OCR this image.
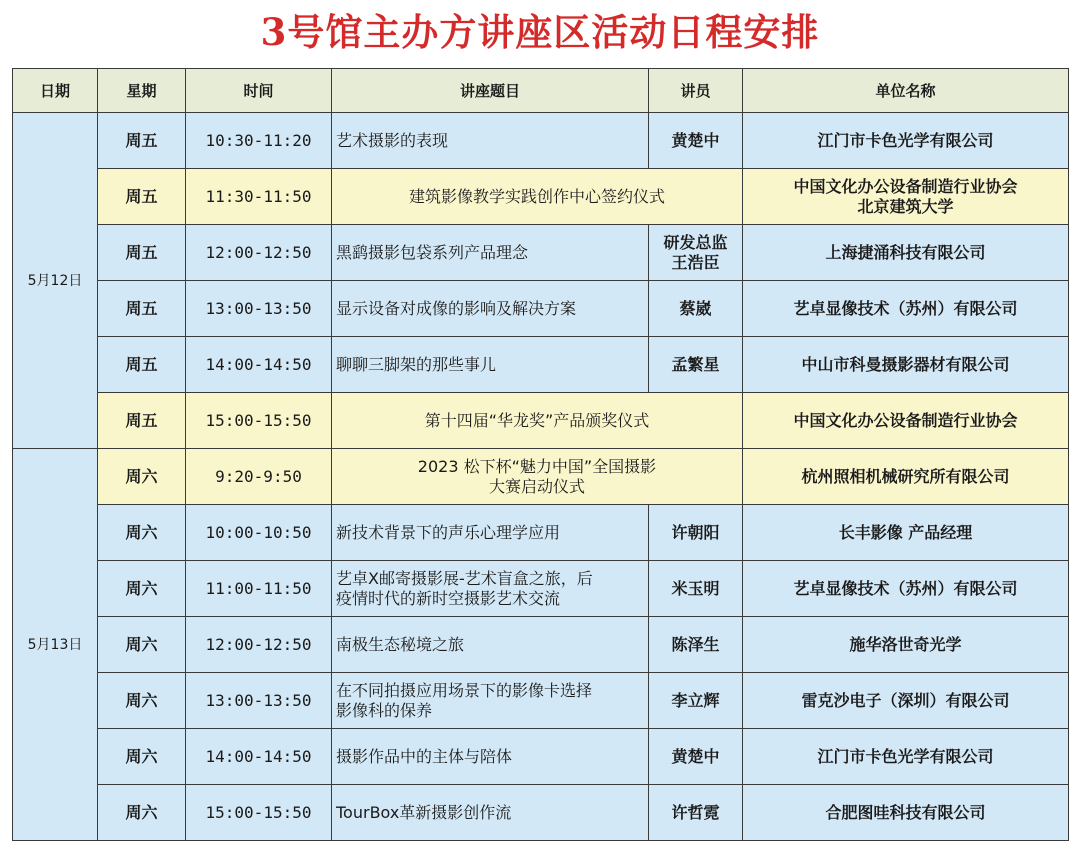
3号馆主办方讲座区活动日程安排
日期	星期	时间	讲座题目	讲员	单位名称
5月12日	周五	10:30-11:20	艺术摄影的表现	黄楚中	江门市卡色光学有限公司
	周五	11:30-11:50	建筑影像教学实践创作中心签约仪式		中国文化办公设备制造行业协会
北京建筑大学
	周五	12:00-12:50	黑鹞摄影包袋系列产品理念	研发总监
王浩臣	上海捷涌科技有限公司
	周五	13:00-13:50	显示设备对成像的影响及解决方案	蔡崴	艺卓显像技术（苏州）有限公司
	周五	14:00-14:50	聊聊三脚架的那些事儿	孟繁星	中山市科曼摄影器材有限公司
	周五	15:00-15:50	第十四届“华龙奖”产品颁奖仪式		中国文化办公设备制造行业协会
5月13日	周六	9:20-9:50	2023 松下杯“魅力中国”全国摄影
大赛启动仪式		杭州照相机械研究所有限公司
	周六	10:00-10:50	新技术背景下的声乐心理学应用	许朝阳	长丰影像 产品经理
	周六	11:00-11:50	艺卓X邮寄摄影展-艺术盲盒之旅，后
疫情时代的新时空摄影艺术交流	米玉明	艺卓显像技术（苏州）有限公司
	周六	12:00-12:50	南极生态秘境之旅	陈泽生	施华洛世奇光学
	周六	13:00-13:50	在不同拍摄应用场景下的影像卡选择
影像科的保养	李立辉	雷克沙电子（深圳）有限公司
	周六	14:00-14:50	摄影作品中的主体与陪体	黄楚中	江门市卡色光学有限公司
	周六	15:00-15:50	TourBox革新摄影创作流	许哲霓	合肥图哇科技有限公司
